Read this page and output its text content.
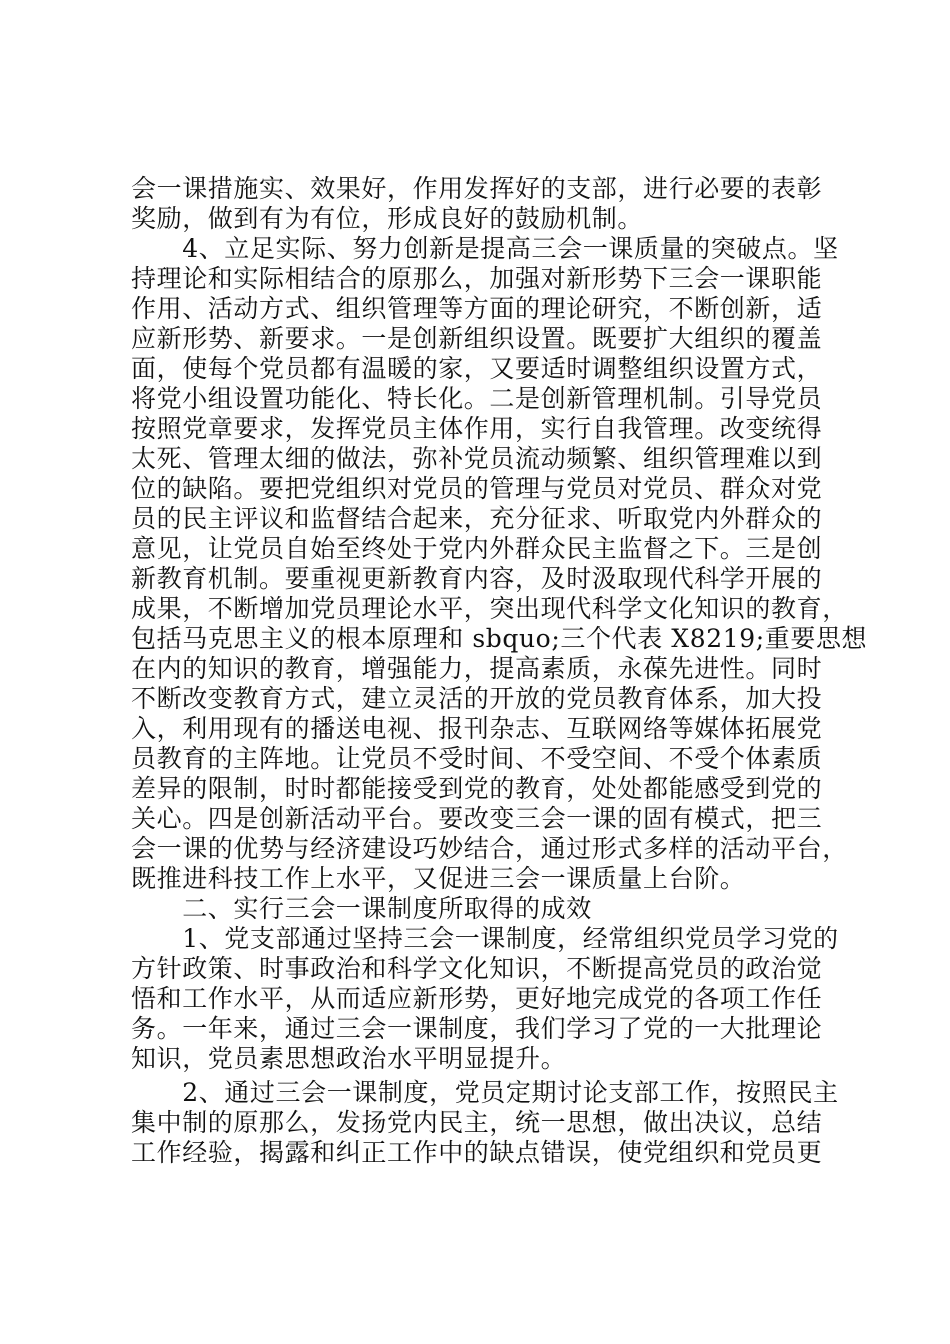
会一课措施实、效果好，作用发挥好的支部，进行必要的表彰
奖励，做到有为有位，形成良好的鼓励机制。
　　4、立足实际、努力创新是提高三会一课质量的突破点。坚
持理论和实际相结合的原那么，加强对新形势下三会一课职能
作用、活动方式、组织管理等方面的理论研究，不断创新，适
应新形势、新要求。一是创新组织设置。既要扩大组织的覆盖
面，使每个党员都有温暖的家，又要适时调整组织设置方式，
将党小组设置功能化、特长化。二是创新管理机制。引导党员
按照党章要求，发挥党员主体作用，实行自我管理。改变统得
太死、管理太细的做法，弥补党员流动频繁、组织管理难以到
位的缺陷。要把党组织对党员的管理与党员对党员、群众对党
员的民主评议和监督结合起来，充分征求、听取党内外群众的
意见，让党员自始至终处于党内外群众民主监督之下。三是创
新教育机制。要重视更新教育内容，及时汲取现代科学开展的
成果，不断增加党员理论水平，突出现代科学文化知识的教育，
包括马克思主义的根本原理和 sbquo;三个代表 X8219;重要思想
在内的知识的教育，增强能力，提高素质，永葆先进性。同时
不断改变教育方式，建立灵活的开放的党员教育体系，加大投
入，利用现有的播送电视、报刊杂志、互联网络等媒体拓展党
员教育的主阵地。让党员不受时间、不受空间、不受个体素质
差异的限制，时时都能接受到党的教育，处处都能感受到党的
关心。四是创新活动平台。要改变三会一课的固有模式，把三
会一课的优势与经济建设巧妙结合，通过形式多样的活动平台，
既推进科技工作上水平，又促进三会一课质量上台阶。
　　二、实行三会一课制度所取得的成效
　　1、党支部通过坚持三会一课制度，经常组织党员学习党的
方针政策、时事政治和科学文化知识，不断提高党员的政治觉
悟和工作水平，从而适应新形势，更好地完成党的各项工作任
务。一年来，通过三会一课制度，我们学习了党的一大批理论
知识，党员素思想政治水平明显提升。
　　2、通过三会一课制度，党员定期讨论支部工作，按照民主
集中制的原那么，发扬党内民主，统一思想，做出决议，总结
工作经验，揭露和纠正工作中的缺点错误，使党组织和党员更
